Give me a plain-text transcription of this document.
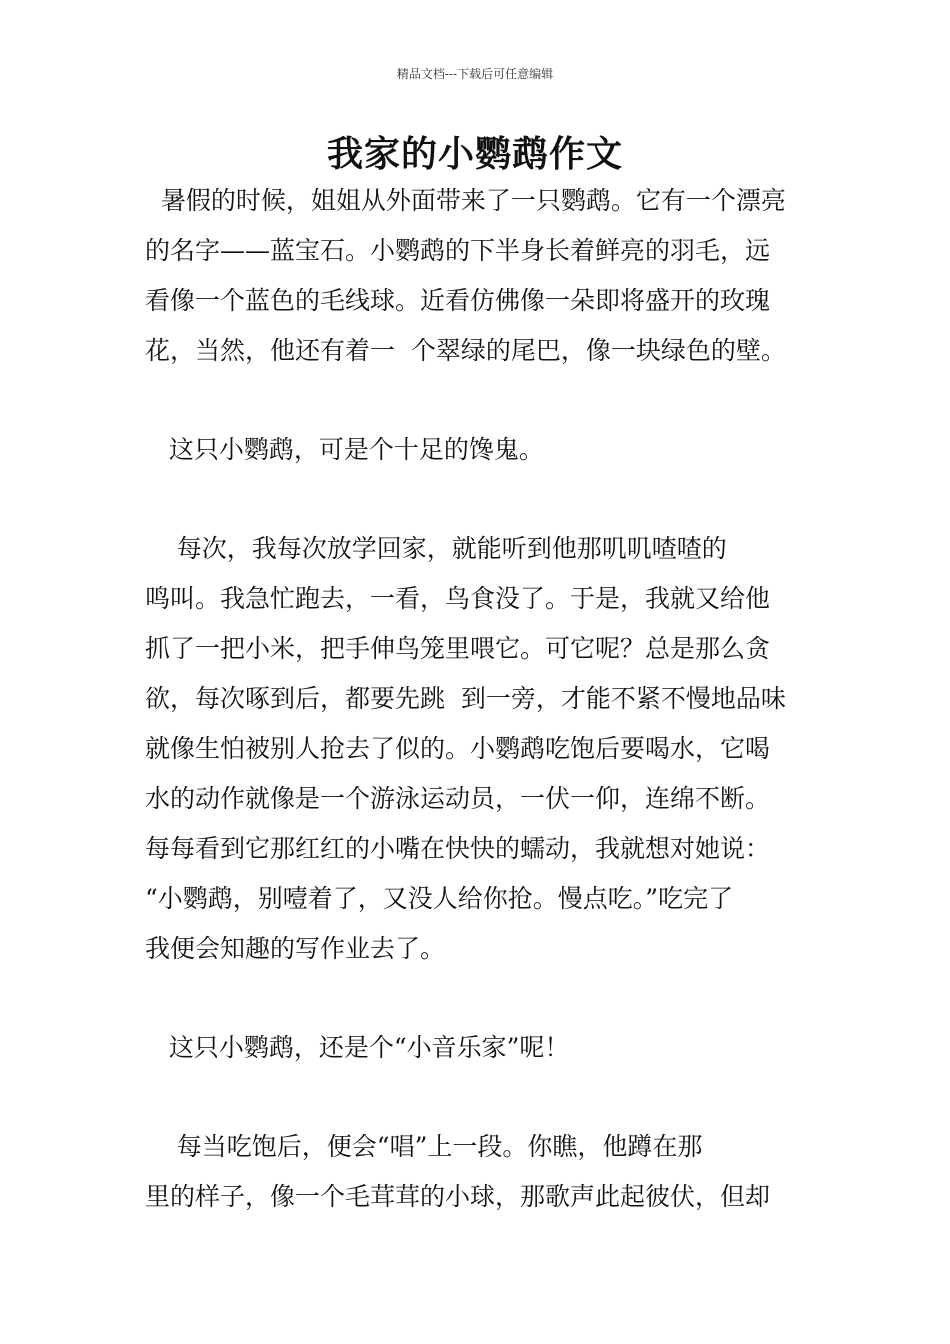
精品文档---下载后可任意编辑
我家的小鹦鹉作文
暑假的时候，姐姐从外面带来了一只鹦鹉。它有一个漂亮
的名字——蓝宝石。小鹦鹉的下半身长着鲜亮的羽毛，远
看像一个蓝色的毛线球。近看仿佛像一朵即将盛开的玫瑰
花，当然，他还有着一  个翠绿的尾巴，像一块绿色的壁。
这只小鹦鹉，可是个十足的馋鬼。
每次，我每次放学回家，就能听到他那叽叽喳喳的
鸣叫。我急忙跑去，一看，鸟食没了。于是，我就又给他
抓了一把小米，把手伸鸟笼里喂它。可它呢？总是那么贪
欲，每次啄到后，都要先跳  到一旁，才能不紧不慢地品味
就像生怕被别人抢去了似的。小鹦鹉吃饱后要喝水，它喝
水的动作就像是一个游泳运动员，一伏一仰，连绵不断。
每每看到它那红红的小嘴在快快的蠕动，我就想对她说：
“小鹦鹉，别噎着了，又没人给你抢。慢点吃。”吃完了
我便会知趣的写作业去了。
这只小鹦鹉，还是个“小音乐家”呢！
每当吃饱后，便会“唱”上一段。你瞧，他蹲在那
里的样子，像一个毛茸茸的小球，那歌声此起彼伏，但却
